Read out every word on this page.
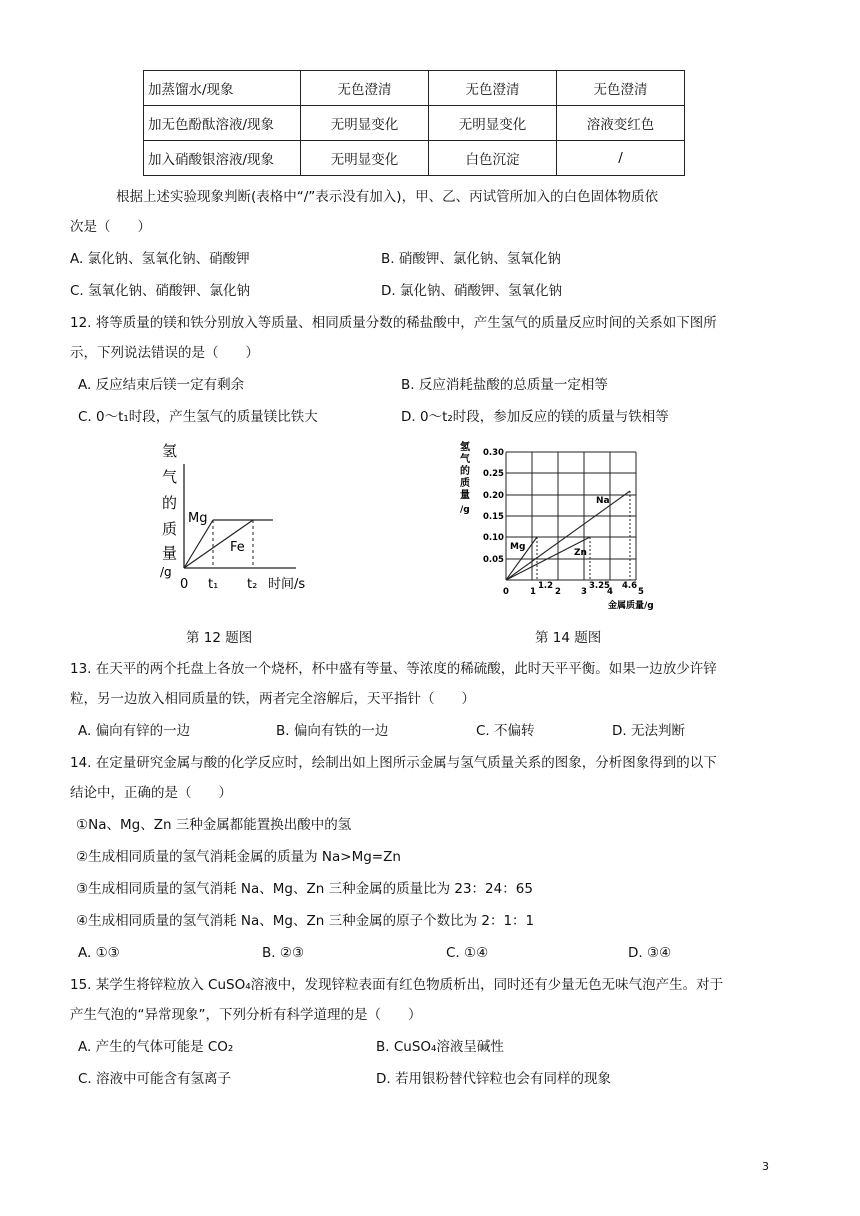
加蒸馏水/现象	无色澄清	无色澄清	无色澄清
加无色酚酞溶液/现象	无明显变化	无明显变化	溶液变红色
加入硝酸银溶液/现象	无明显变化	白色沉淀	/
根据上述实验现象判断(表格中“/”表示没有加入)，甲、乙、丙试管所加入的白色固体物质依
次是（　　）
A. 氯化钠、氢氧化钠、硝酸钾	B. 硝酸钾、氯化钠、氢氧化钠
C. 氢氧化钠、硝酸钾、氯化钠	D. 氯化钠、硝酸钾、氢氧化钠
12. 将等质量的镁和铁分别放入等质量、相同质量分数的稀盐酸中，产生氢气的质量反应时间的关系如下图所
示，下列说法错误的是（　　）
A. 反应结束后镁一定有剩余	B. 反应消耗盐酸的总质量一定相等
C. 0～t₁时段，产生氢气的质量镁比铁大	D. 0～t₂时段，参加反应的镁的质量与铁相等
氢
气
的
质
量
/g
Mg
Fe
0 t₁ t₂ 时间/s
氢
气
的
质
量
/g
0.30
0.25
0.20
0.15
0.10
0.05
Na
Mg
Zn
0 1
1.2
2 3
3.25
4
4.6
5
金属质量/g
第 12 题图	第 14 题图
13. 在天平的两个托盘上各放一个烧杯，杯中盛有等量、等浓度的稀硫酸，此时天平平衡。如果一边放少许锌
粒，另一边放入相同质量的铁，两者完全溶解后，天平指针（　　）
A. 偏向有锌的一边	B. 偏向有铁的一边	C. 不偏转	D. 无法判断
14. 在定量研究金属与酸的化学反应时，绘制出如上图所示金属与氢气质量关系的图象，分析图象得到的以下
结论中，正确的是（　　）
①Na、Mg、Zn 三种金属都能置换出酸中的氢
②生成相同质量的氢气消耗金属的质量为 Na>Mg=Zn
③生成相同质量的氢气消耗 Na、Mg、Zn 三种金属的质量比为 23：24：65
④生成相同质量的氢气消耗 Na、Mg、Zn 三种金属的原子个数比为 2：1：1
A. ①③	B. ②③	C. ①④	D. ③④
15. 某学生将锌粒放入 CuSO₄溶液中，发现锌粒表面有红色物质析出，同时还有少量无色无味气泡产生。对于
产生气泡的“异常现象”，下列分析有科学道理的是（　　）
A. 产生的气体可能是 CO₂	B. CuSO₄溶液呈碱性
C. 溶液中可能含有氢离子	D. 若用银粉替代锌粒也会有同样的现象
3
